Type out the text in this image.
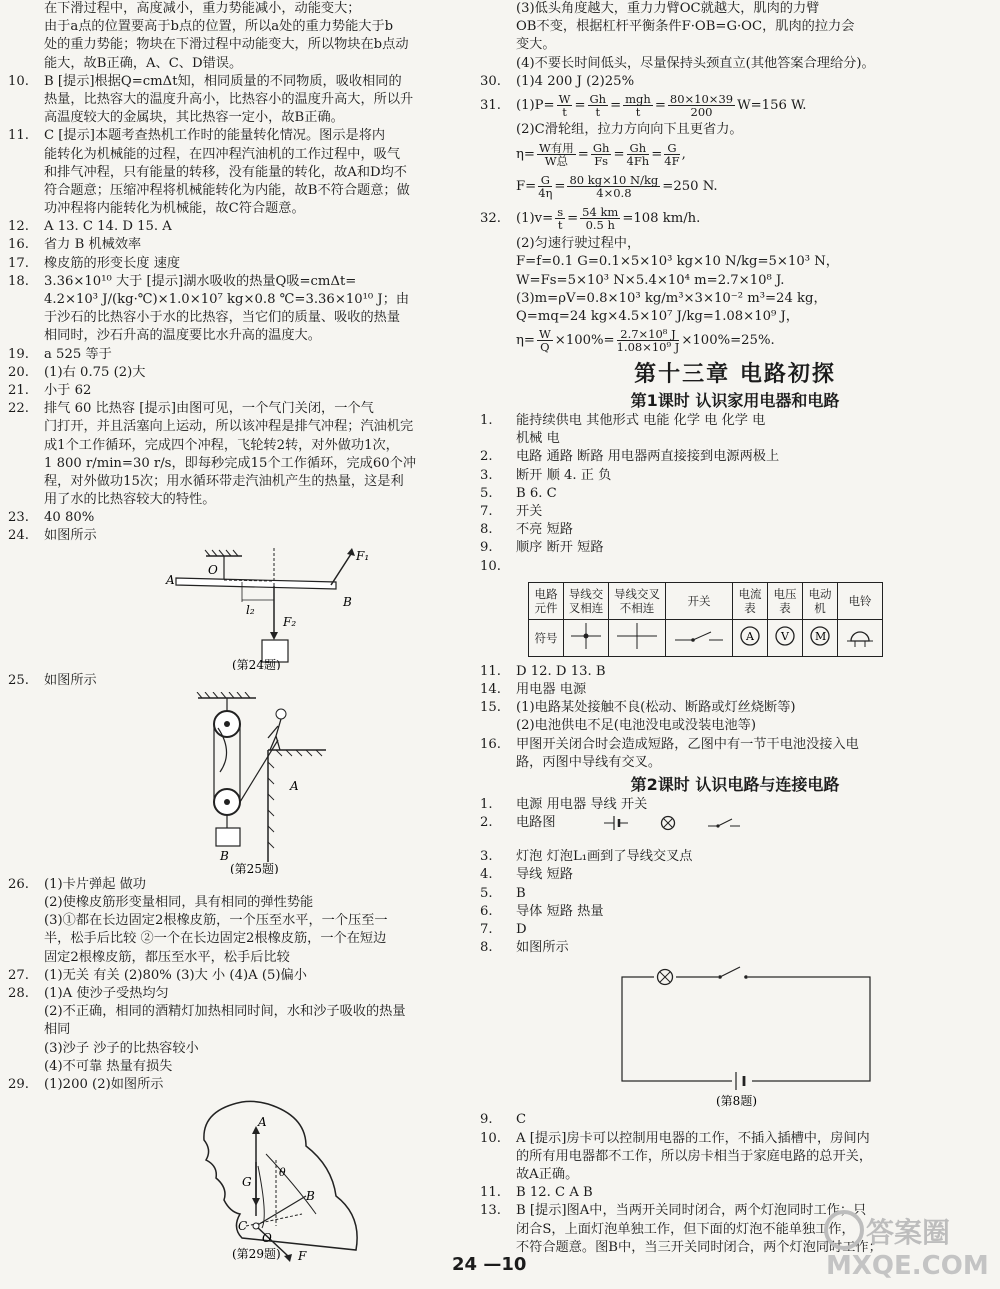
在下滑过程中，高度减小，重力势能减小，动能变大；
由于a点的位置要高于b点的位置，所以a处的重力势能大于b
处的重力势能；物块在下滑过程中动能变大，所以物块在b点动
能大，故B正确，A、C、D错误。
10. B [提示]根据Q=cmΔt知，相同质量的不同物质，吸收相同的
热量，比热容大的温度升高小，比热容小的温度升高大，所以升
高温度较大的金属块，其比热容一定小，故B正确。
11. C [提示]本题考查热机工作时的能量转化情况。图示是将内
能转化为机械能的过程，在四冲程汽油机的工作过程中，吸气
和排气冲程，只有能量的转移，没有能量的转化，故A和D均不
符合题意；压缩冲程将机械能转化为内能，故B不符合题意；做
功冲程将内能转化为机械能，故C符合题意。
12. A 13. C 14. D 15. A
16. 省力 B 机械效率
17. 橡皮筋的形变长度 速度
18. 3.36×10¹⁰ 大于 [提示]湖水吸收的热量Q吸=cmΔt=
4.2×10³ J/(kg·℃)×1.0×10⁷ kg×0.8 ℃=3.36×10¹⁰ J；由
于沙石的比热容小于水的比热容，当它们的质量、吸收的热量
相同时，沙石升高的温度要比水升高的温度大。
19. a 525 等于
20. (1)右 0.75 (2)大
21. 小于 62
22. 排气 60 比热容 [提示]由图可见，一个气门关闭，一个气
门打开，并且活塞向上运动，所以该冲程是排气冲程；汽油机完
成1个工作循环，完成四个冲程，飞轮转2转，对外做功1次，
1 800 r/min=30 r/s，即每秒完成15个工作循环，完成60个冲
程，对外做功15次；用水循环带走汽油机产生的热量，这是利
用了水的比热容较大的特性。
23. 40 80%
24. 如图所示
A
O
B
F₁
F₂
l₂
(第24题)
25. 如图所示
A
B
(第25题)
26. (1)卡片弹起 做功
(2)使橡皮筋形变量相同，具有相同的弹性势能
(3)①都在长边固定2根橡皮筋，一个压至水平，一个压至一
半，松手后比较 ②一个在长边固定2根橡皮筋，一个在短边
固定2根橡皮筋，都压至水平，松手后比较
27. (1)无关 有关 (2)80% (3)大 小 (4)A (5)偏小
28. (1)A 使沙子受热均匀
(2)不正确，相同的酒精灯加热相同时间，水和沙子吸收的热量
相同
(3)沙子 沙子的比热容较小
(4)不可靠 热量有损失
29. (1)200 (2)如图所示
A
G
θ
B
C
O
F
(第29题)
(3)低头角度越大，重力力臂OC就越大，肌肉的力臂
OB不变，根据杠杆平衡条件F·OB=G·OC，肌肉的拉力会
变大。
(4)不要长时间低头，尽量保持头颈直立(其他答案合理给分)。
30. (1)4 200 J (2)25%
31. $(1)P= \frac{W}{t} = \frac{Gh}{t} = \frac{\text{mgh}}{t} = \frac{80\times 10\times 39}{200} W=156$ W.
(2)C滑轮组，拉力方向向下且更省力。
$\eta= \frac{\text{W有用}}{\text{W总}} = \frac{Gh}{Fs} = \frac{Gh}{4Fh} = \frac{G}{4F}$ ,
$F= \frac{G}{4\eta} = \frac{80 kg\times 10 N/kg}{4\times 0.8} =250$ N.
32. $(1)v= \frac{s}{t} = \frac{54 km}{0.5 h} =108$ km/h.
(2)匀速行驶过程中，
F=f=0.1 G=0.1×5×10³ kg×10 N/kg=5×10³ N，
W=Fs=5×10³ N×5.4×10⁴ m=2.7×10⁸ J.
(3)m=ρV=0.8×10³ kg/m³×3×10⁻² m³=24 kg，
Q=mq=24 kg×4.5×10⁷ J/kg=1.08×10⁹ J，
$\eta= \frac{W}{Q} \times 100\%= \frac{\text{2.7×10⁸ J}}{\text{1.08×10⁹ J}} \times 100\%=25\%$.
第十三章 电路初探
第1课时 认识家用电器和电路
1. 能持续供电 其他形式 电能 化学 电 化学 电
机械 电
2. 电路 通路 断路 用电器两直接接到电源两极上
3. 断开 顺 4. 正 负
5. B 6. C
7. 开关
8. 不亮 短路
9. 顺序 断开 短路
10.
电路元件	导线交叉相连	导线交叉不相连	开关	电流表	电压表	电动机	电铃
符号				A	V	M

11. D 12. D 13. B
14. 用电器 电源
15. (1)电路某处接触不良(松动、断路或灯丝烧断等)
(2)电池供电不足(电池没电或没装电池等)
16. 甲图开关闭合时会造成短路，乙图中有一节干电池没接入电
路，丙图中导线有交叉。
第2课时 认识电路与连接电路
1. 电源 用电器 导线 开关
2. 电路图
3. 灯泡 灯泡L₁画到了导线交叉点
4. 导线 短路
5. B
6. 导体 短路 热量
7. D
8. 如图所示
(第8题)
9. C
10. A [提示]房卡可以控制用电器的工作，不插入插槽中，房间内
的所有用电器都不工作，所以房卡相当于家庭电路的总开关，
故A正确。
11. B 12. C A B
13. B [提示]图A中，当两开关同时闭合，两个灯泡同时工作；只
闭合S，上面灯泡单独工作，但下面的灯泡不能单独工作，
不符合题意。图B中，当三开关同时闭合，两个灯泡同时工作；
24 —10
答案圈
MXQE.COM
